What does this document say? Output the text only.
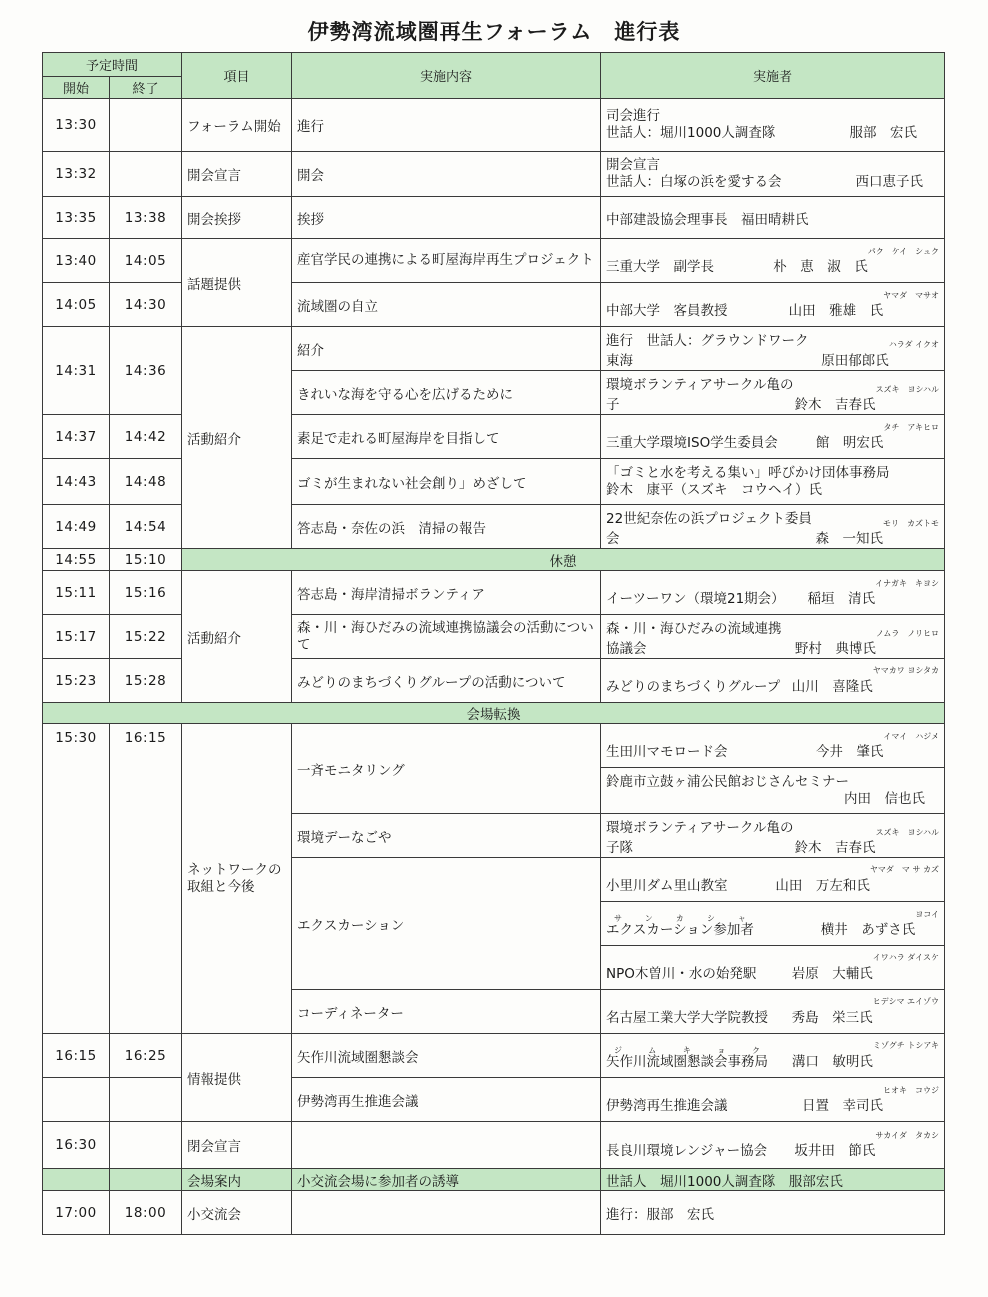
伊勢湾流域圏再生フォーラム　進行表
予定時間		項目	実施内容	実施者
開始	終了			
13:30		フォーラム開始	進行	司会進行
世話人：堀川1000人調査隊 服部　宏氏

13:32		開会宣言	開会	開会宣言
世話人：白塚の浜を愛する会 西口恵子氏

13:35	13:38	開会挨拶	挨拶	中部建設協会理事長　福田晴耕氏
13:40	14:05	話題提供	産官学民の連携による町屋海岸再生プロジェクト	三重大学　副学長 朴　恵　淑　氏パク　ケイ　シュク

14:05	14:30		流域圏の自立	中部大学　客員教授 山田　雅雄　氏ヤマダ　マサオ

14:31	14:36	活動紹介	紹介	進行　世話人：グラウンドワーク東海 原田郁郎氏ハラダ イクオ

			きれいな海を守る心を広げるために	環境ボランティアサークル亀の子 鈴木　吉春氏スズキ　ヨシハル

14:37	14:42		素足で走れる町屋海岸を目指して	三重大学環境ISO学生委員会 館　明宏氏タチ　アキヒロ

14:43	14:48		ゴミが生まれない社会創り」めざして	「ゴミと水を考える集い」呼びかけ団体事務局
鈴木　康平（スズキ　コウヘイ）氏

14:49	14:54		答志島・奈佐の浜　清掃の報告	22世紀奈佐の浜プロジェクト委員会 森　一知氏モリ　カズトモ

14:55	15:10	休憩		
15:11	15:16	活動紹介	答志島・海岸清掃ボランティア	イーツーワン（環境21期会） 稲垣　清氏イナガキ　キヨシ

15:17	15:22		森・川・海ひだみの流域連携協議会の活動について	森・川・海ひだみの流域連携協議会 野村　典博氏ノムラ　ノリヒロ

15:23	15:28		みどりのまちづくりグループの活動について	みどりのまちづくりグループ 山川　喜隆氏ヤマカワ ヨシタカ

会場転換				
15:30	16:15	ネットワークの取組と今後	一斉モニタリング	生田川マモロード会 今井　肇氏イマイ　ハジメ

				鈴鹿市立鼓ヶ浦公民館おじさんセミナー
内田　信也氏

			環境デーなごや	環境ボランティアサークル亀の子隊 鈴木　吉春氏スズキ　ヨシハル

			エクスカーション	小里川ダム里山教室 山田　万左和氏ヤマダ　マ サ カズ

				エクスカーション参加者サンカシャ
横井　あずさ氏ヨコイ

				NPO木曽川・水の始発駅 岩原　大輔氏イワハラ ダイスケ

			コーディネーター	名古屋工業大学大学院教授 秀島　栄三氏ヒデシマ エイゾウ

16:15	16:25	情報提供	矢作川流域圏懇談会	矢作川流域圏懇談会事務局ジムキョク
溝口　敏明氏ミゾグチ トシアキ

			伊勢湾再生推進会議	伊勢湾再生推進会議 日置　幸司氏ヒオキ　コウジ

16:30		閉会宣言		長良川環境レンジャー協会 坂井田　節氏サカイダ　タカシ

		会場案内	小交流会場に参加者の誘導	世話人　堀川1000人調査隊　服部宏氏
17:00	18:00	小交流会		進行：服部　宏氏
